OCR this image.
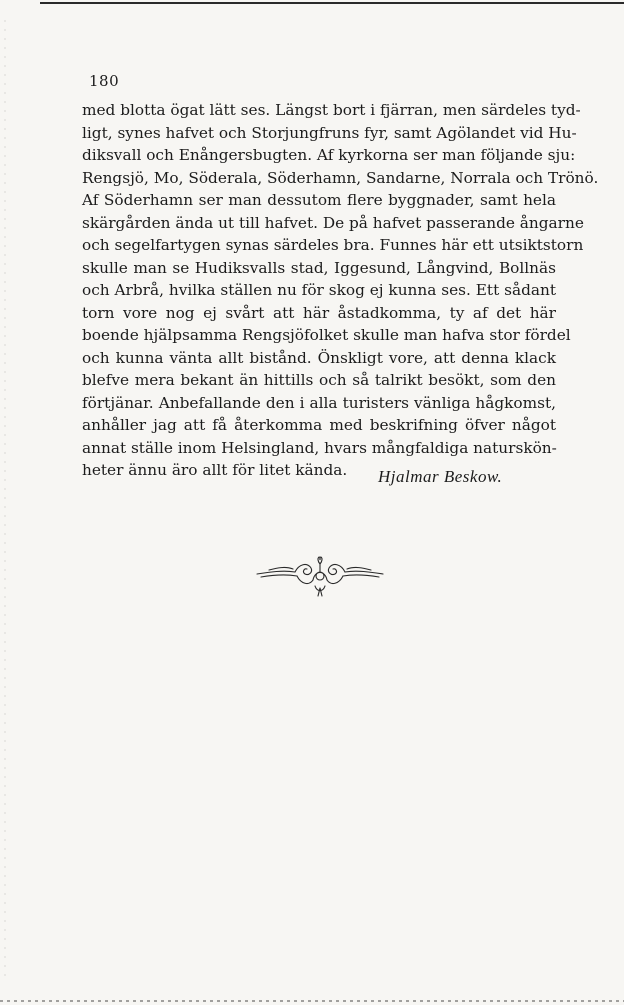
180
med blotta ögat lätt ses. Längst bort i fjärran, men särdeles tyd-
ligt, synes hafvet och Storjungfruns fyr, samt Agölandet vid Hu-
diksvall och Enångersbugten. Af kyrkorna ser man följande sju:
Rengsjö, Mo, Söderala, Söderhamn, Sandarne, Norrala och Trönö.
Af Söderhamn ser man dessutom flere byggnader, samt hela
skärgården ända ut till hafvet. De på hafvet passerande ångarne
och segelfartygen synas särdeles bra. Funnes här ett utsiktstorn
skulle man se Hudiksvalls stad, Iggesund, Långvind, Bollnäs
och Arbrå, hvilka ställen nu för skog ej kunna ses. Ett sådant
torn vore nog ej svårt att här åstadkomma, ty af det här
boende hjälpsamma Rengsjöfolket skulle man hafva stor fördel
och kunna vänta allt bistånd. Önskligt vore, att denna klack
blefve mera bekant än hittills och så talrikt besökt, som den
förtjänar. Anbefallande den i alla turisters vänliga hågkomst,
anhåller jag att få återkomma med beskrifning öfver något
annat ställe inom Helsingland, hvars mångfaldiga naturskön-
heter ännu äro allt för litet kända.	Hjalmar Beskow.
